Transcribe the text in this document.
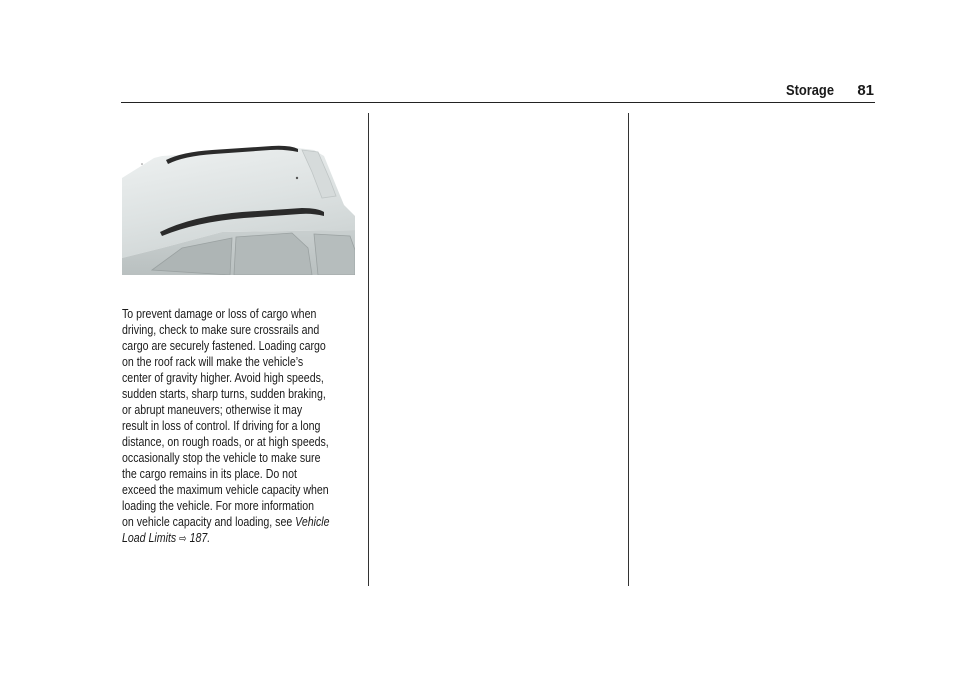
Storage	81
To prevent damage or loss of cargo when
driving, check to make sure crossrails and
cargo are securely fastened. Loading cargo
on the roof rack will make the vehicle’s
center of gravity higher. Avoid high speeds,
sudden starts, sharp turns, sudden braking,
or abrupt maneuvers; otherwise it may
result in loss of control. If driving for a long
distance, on rough roads, or at high speeds,
occasionally stop the vehicle to make sure
the cargo remains in its place. Do not
exceed the maximum vehicle capacity when
loading the vehicle. For more information
on vehicle capacity and loading, see Vehicle
Load Limits ⇨ 187.
